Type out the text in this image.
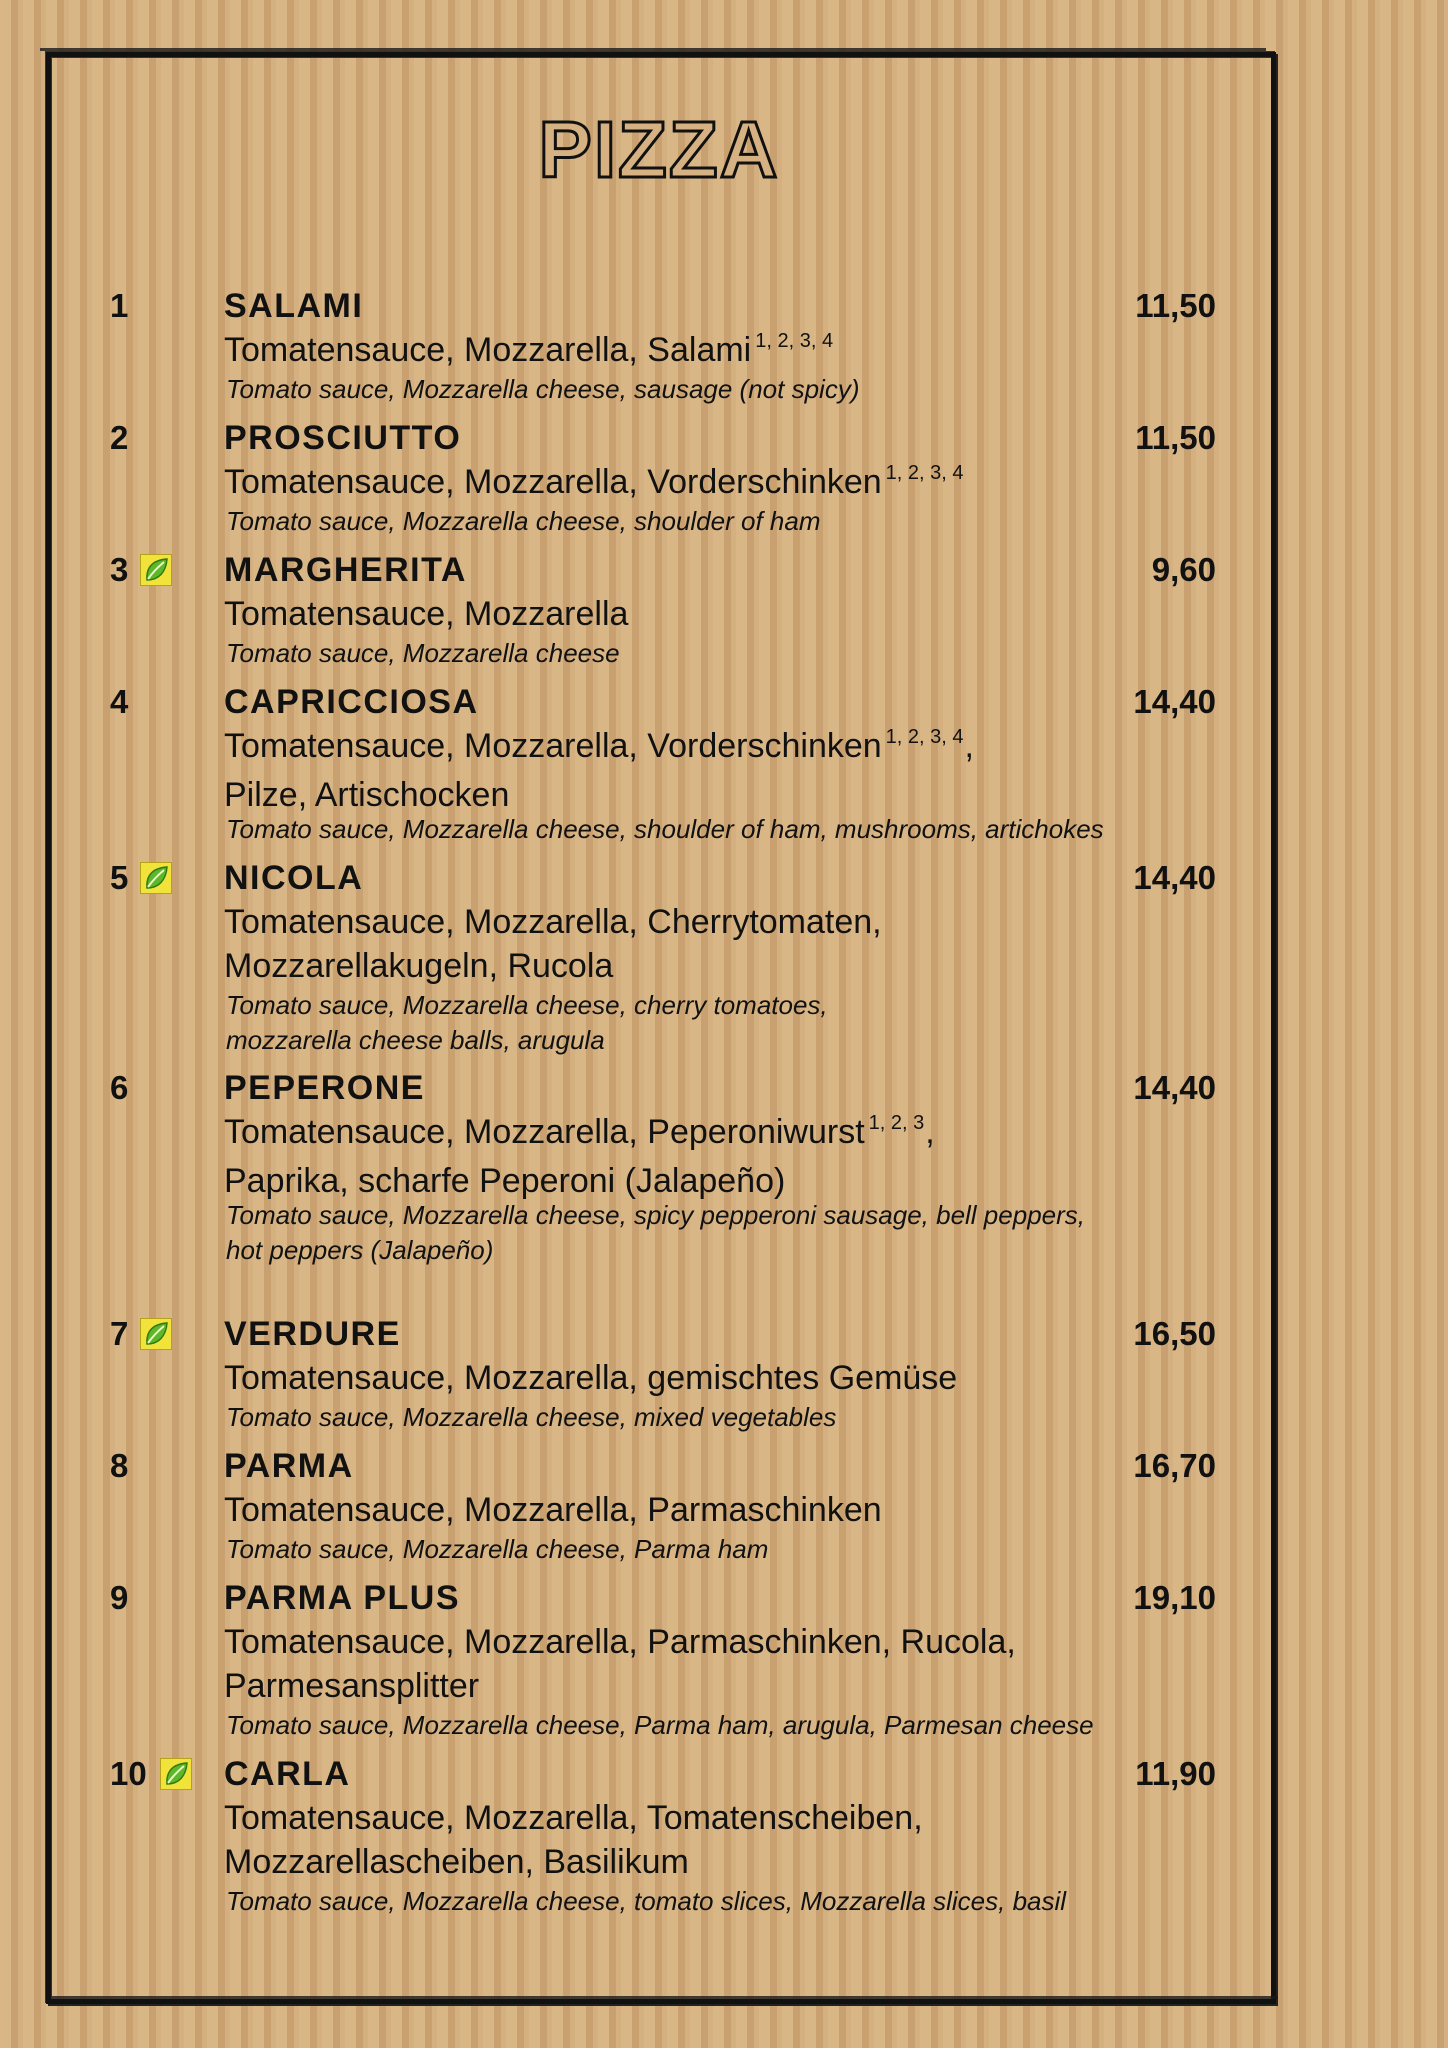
PIZZA
1	SALAMI	11,50
Tomatensauce, Mozzarella, Salami $^{1, 2, 3, 4}$
Tomato sauce, Mozzarella cheese, sausage (not spicy)
2	PROSCIUTTO	11,50
Tomatensauce, Mozzarella, Vorderschinken $^{1, 2, 3, 4}$
Tomato sauce, Mozzarella cheese, shoulder of ham
3	MARGHERITA	9,60
Tomatensauce, Mozzarella
Tomato sauce, Mozzarella cheese
4	CAPRICCIOSA	14,40
Tomatensauce, Mozzarella, Vorderschinken $^{1, 2, 3, 4}$,
Pilze, Artischocken
Tomato sauce, Mozzarella cheese, shoulder of ham, mushrooms, artichokes
5	NICOLA	14,40
Tomatensauce, Mozzarella, Cherrytomaten,
Mozzarellakugeln, Rucola
Tomato sauce, Mozzarella cheese, cherry tomatoes,
mozzarella cheese balls, arugula
6	PEPERONE	14,40
Tomatensauce, Mozzarella, Peperoniwurst $^{1, 2, 3}$,
Paprika, scharfe Peperoni (Jalapeño)
Tomato sauce, Mozzarella cheese, spicy pepperoni sausage, bell peppers,
hot peppers (Jalapeño)
7	VERDURE	16,50
Tomatensauce, Mozzarella, gemischtes Gemüse
Tomato sauce, Mozzarella cheese, mixed vegetables
8	PARMA	16,70
Tomatensauce, Mozzarella, Parmaschinken
Tomato sauce, Mozzarella cheese, Parma ham
9	PARMA PLUS	19,10
Tomatensauce, Mozzarella, Parmaschinken, Rucola,
Parmesansplitter
Tomato sauce, Mozzarella cheese, Parma ham, arugula, Parmesan cheese
10 CARLA	11,90
Tomatensauce, Mozzarella, Tomatenscheiben,
Mozzarellascheiben, Basilikum
Tomato sauce, Mozzarella cheese, tomato slices, Mozzarella slices, basil
